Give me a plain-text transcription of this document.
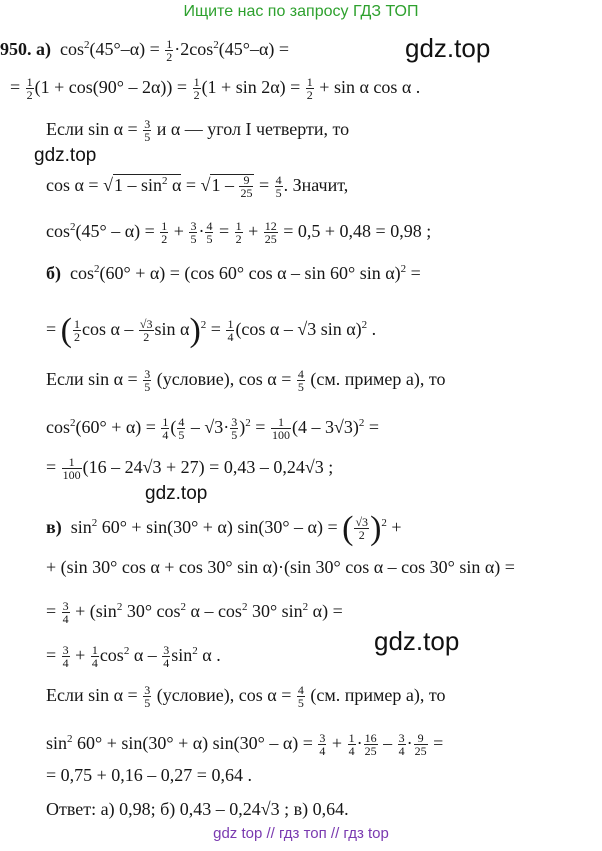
Ищите нас по запросу ГДЗ ТОП
950. а)  $\cos^2(45^\circ-\alpha) = \frac{1}{2} \cdot 2\cos^2(45^\circ-\alpha)$ =	gdz.top
= $\frac{1}{2} (1 + \cos(90^\circ - 2\alpha)) = \frac{1}{2} (1 + \sin 2\alpha) = \frac{1}{2} + \sin \alpha$ cos α .
Если $\sin \alpha = \frac{3}{5}$ и α — угол I четверти, то
gdz.top
$\cos \alpha = √1 - \sin^2 \alpha = √1 - \frac{9}{25} = \frac{4}{5}$ . Значит,
$\cos^2(45^\circ - \alpha) = \frac{1}{2} + \frac{3}{5} \cdot \frac{4}{5} = \frac{1}{2} + \frac{12}{25} = 0,5 + 0,48 = 0,98$ ;
б)  $\cos^2(60^\circ + \alpha) = (\cos$ 60° cos α – sin 60° sin α)$^2$ =
= ( $\frac{1}{2}$ cos α – $\frac{√3}{2}$ $\sin \alpha)^2 = \frac{1}{4} (\cos$ α – √3 sin α)$^2$ .
Если $\sin \alpha = \frac{3}{5}$ (условие), $\cos \alpha = \frac{4}{5} (см$. пример а), то
$\cos^2(60^\circ + \alpha) = \frac{1}{4}$ ( $\frac{4}{5} - √3\cdot \frac{3}{5} )^2 = \frac{1}{100} (4 - 3√3)^2$ =
= $\frac{1}{100} (16 - 24√3 + 27) = 0,43 - 0,24√3$ ;
gdz.top
в)  $\sin^2 60^\circ + \sin(30^\circ + \alpha)$ sin(30° – α) = ( $\frac{√3}{2} )^2$ +
+ (sin 30° cos α + cos 30° sin α)·(sin 30° cos α – cos 30° sin α) =
= $\frac{3}{4} + (\sin^2$ 30° $\cos^2 \alpha - \cos^2 30^\circ$ $\sin^2 \alpha$) =
= $\frac{3}{4} + \frac{1}{4} \cos^2 \alpha - \frac{3}{4} \sin^2 \alpha$ .	gdz.top
Если $\sin \alpha = \frac{3}{5}$ (условие), $\cos \alpha = \frac{4}{5} (см$. пример а), то
$\sin^2 60^\circ + \sin(30^\circ + \alpha)$ $\sin(30^\circ - \alpha) = \frac{3}{4} + \frac{1}{4} \cdot \frac{16}{25} - \frac{3}{4} \cdot \frac{9}{25}$ =
= 0,75 + 0,16 – 0,27 = 0,64 .
Ответ: а) 0,98; б) 0,43 – 0,24√3 ; в) 0,64.
gdz top // гдз топ // гдз top
